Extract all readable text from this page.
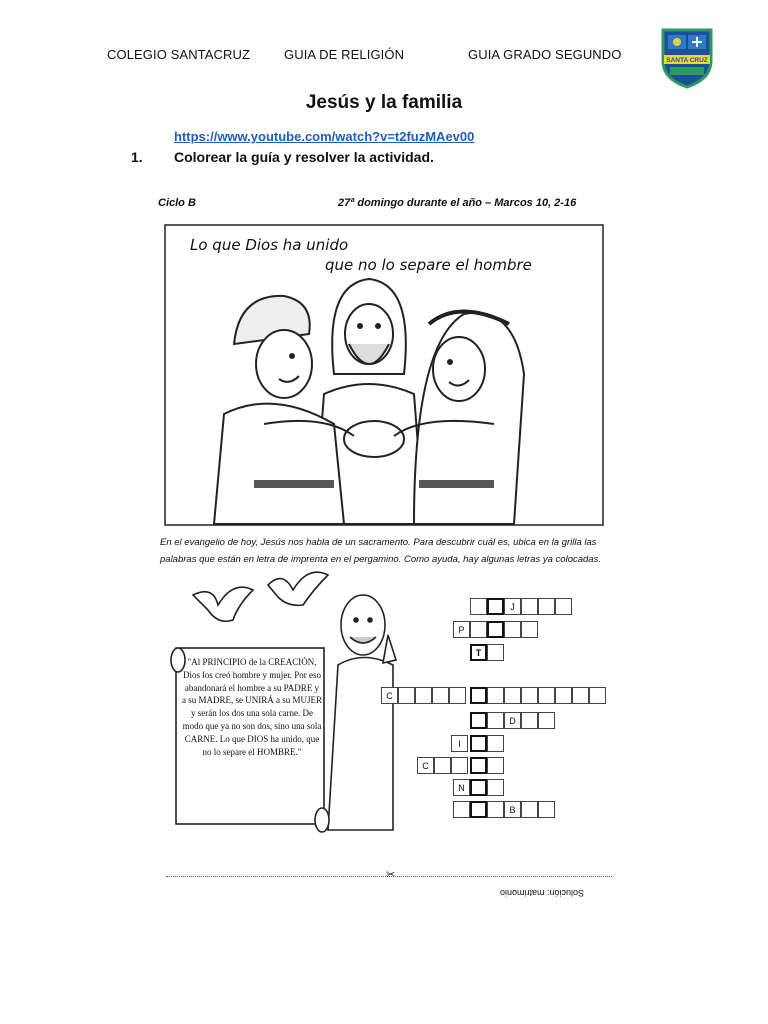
COLEGIO SANTACRUZ	GUIA DE RELIGIÓN	GUIA GRADO SEGUNDO	SANTA CRUZ
Jesús y la familia
https://www.youtube.com/watch?v=t2fuzMAev00
1. Colorear la guía y resolver la actividad.
Ciclo B	27ª domingo durante el año – Marcos 10, 2-16
Lo que Dios ha unido
que no lo separe el hombre
En el evangelio de hoy, Jesús nos habla de un sacramento. Para descubrir cuál es, ubica en la grilla las palabras que están en letra de imprenta en el pergamino. Como ayuda, hay algunas letras ya colocadas.
"Al PRINCIPIO de la CREACIÓN, Dios los creó hombre y mujer. Por eso abandonará el hombre a su PADRE y a su MADRE, se UNIRÁ a su MUJER y serán los dos una sola carne. De modo que ya no son dos, sino una sola CARNE. Lo que DIOS ha unido, que no lo separe el HOMBRE."
J
P
T
C
D
I
C
N
B
✂
Solución: matrimonio
